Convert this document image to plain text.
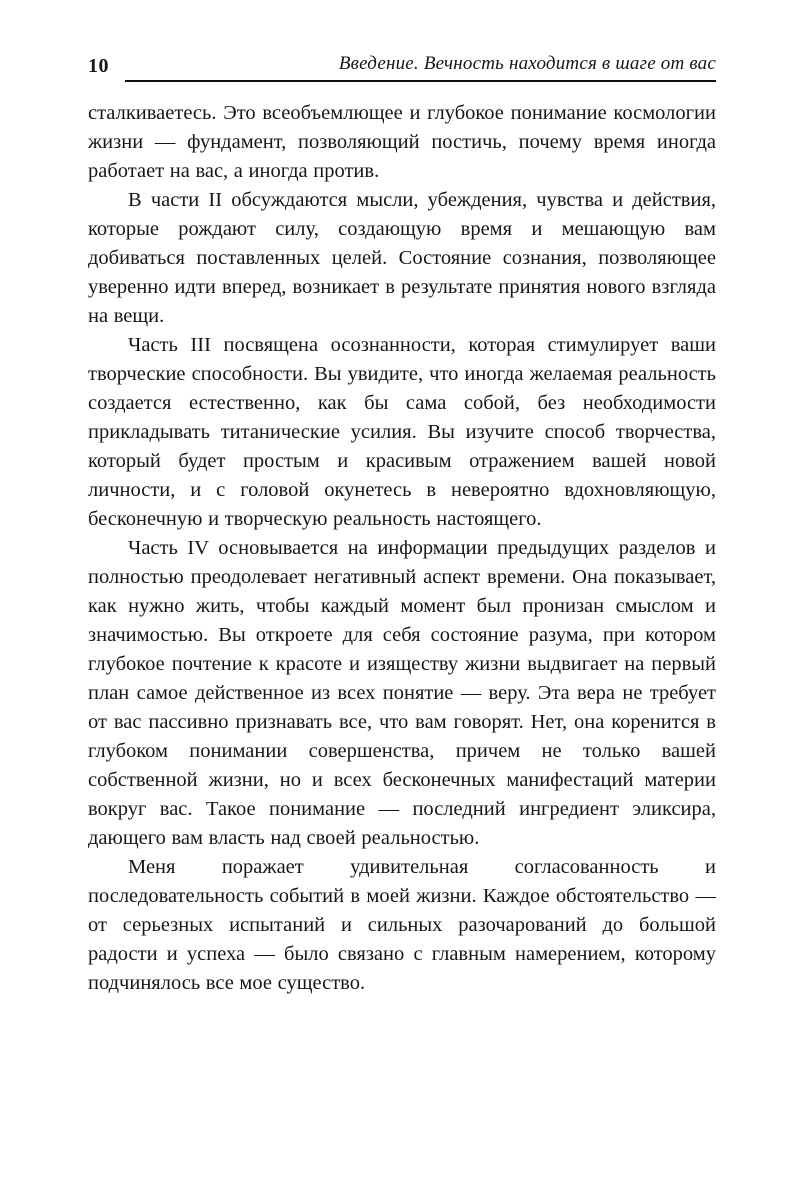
10	Введение. Вечность находится в шаге от вас

сталкиваетесь. Это всеобъемлющее и глубокое понимание космологии жизни — фундамент, позволяющий постичь, почему время иногда работает на вас, а иногда против.

В части II обсуждаются мысли, убеждения, чувства и действия, которые рождают силу, создающую время и мешающую вам добиваться поставленных целей. Состояние сознания, позволяющее уверенно идти вперед, возникает в результате принятия нового взгляда на вещи.

Часть III посвящена осознанности, которая стимулирует ваши творческие способности. Вы увидите, что иногда желаемая реальность создается естественно, как бы сама собой, без необходимости прикладывать титанические усилия. Вы изучите способ творчества, который будет простым и красивым отражением вашей новой личности, и с головой окунетесь в невероятно вдохновляющую, бесконечную и творческую реальность настоящего.

Часть IV основывается на информации предыдущих разделов и полностью преодолевает негативный аспект времени. Она показывает, как нужно жить, чтобы каждый момент был пронизан смыслом и значимостью. Вы откроете для себя состояние разума, при котором глубокое почтение к красоте и изяществу жизни выдвигает на первый план самое действенное из всех понятие — веру. Эта вера не требует от вас пассивно признавать все, что вам говорят. Нет, она коренится в глубоком понимании совершенства, причем не только вашей собственной жизни, но и всех бесконечных манифестаций материи вокруг вас. Такое понимание — последний ингредиент эликсира, дающего вам власть над своей реальностью.

Меня поражает удивительная согласованность и последовательность событий в моей жизни. Каждое обстоятельство — от серьезных испытаний и сильных разочарований до большой радости и успеха — было связано с главным намерением, которому подчинялось все мое существо.
